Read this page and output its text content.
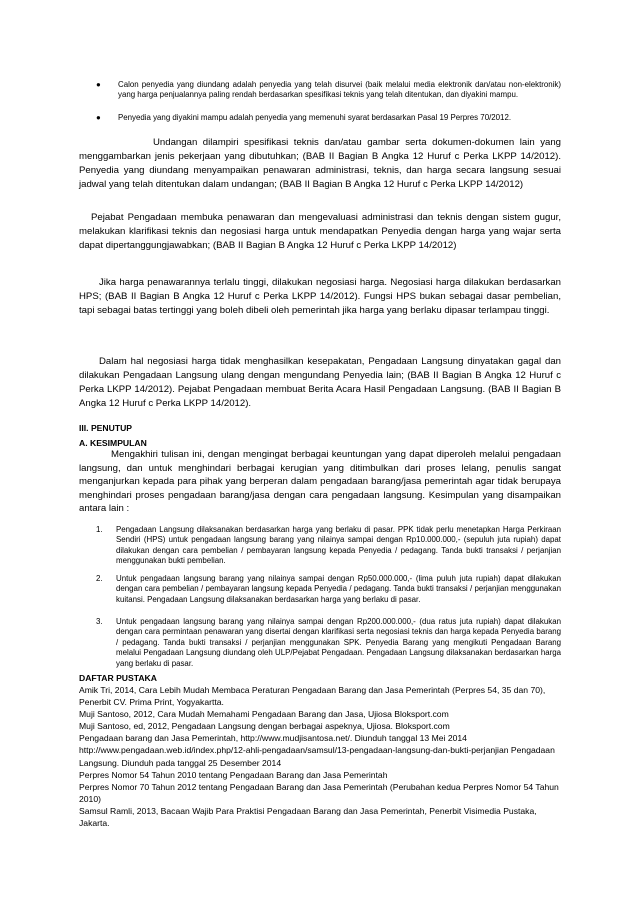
● Calon penyedia yang diundang adalah penyedia yang telah disurvei (baik melalui media elektronik dan/atau non-elektronik) yang harga penjualannya paling rendah berdasarkan spesifikasi teknis yang telah ditentukan, dan diyakini mampu.
● Penyedia yang diyakini mampu adalah penyedia yang memenuhi syarat berdasarkan Pasal 19 Perpres 70/2012.

Undangan dilampiri spesifikasi teknis dan/atau gambar serta dokumen-dokumen lain yang menggambarkan jenis pekerjaan yang dibutuhkan; (BAB II Bagian B Angka 12 Huruf c Perka LKPP 14/2012). Penyedia yang diundang menyampaikan penawaran administrasi, teknis, dan harga secara langsung sesuai jadwal yang telah ditentukan dalam undangan; (BAB II Bagian B Angka 12 Huruf c Perka LKPP 14/2012)

Pejabat Pengadaan membuka penawaran dan mengevaluasi administrasi dan teknis dengan sistem gugur, melakukan klarifikasi teknis dan negosiasi harga untuk mendapatkan Penyedia dengan harga yang wajar serta dapat dipertanggungjawabkan; (BAB II Bagian B Angka 12 Huruf c Perka LKPP 14/2012)

Jika harga penawarannya terlalu tinggi, dilakukan negosiasi harga. Negosiasi harga dilakukan berdasarkan HPS; (BAB II Bagian B Angka 12 Huruf c Perka LKPP 14/2012). Fungsi HPS bukan sebagai dasar pembelian, tapi sebagai batas tertinggi yang boleh dibeli oleh pemerintah jika harga yang berlaku dipasar terlampau tinggi.

Dalam hal negosiasi harga tidak menghasilkan kesepakatan, Pengadaan Langsung dinyatakan gagal dan dilakukan Pengadaan Langsung ulang dengan mengundang Penyedia lain; (BAB II Bagian B Angka 12 Huruf c Perka LKPP 14/2012). Pejabat Pengadaan membuat Berita Acara Hasil Pengadaan Langsung. (BAB II Bagian B Angka 12 Huruf c Perka LKPP 14/2012).

III. PENUTUP
A. KESIMPULAN

Mengakhiri tulisan ini, dengan mengingat berbagai keuntungan yang dapat diperoleh melalui pengadaan langsung, dan untuk menghindari berbagai kerugian yang ditimbulkan dari proses lelang, penulis sangat menganjurkan kepada para pihak yang berperan dalam pengadaan barang/jasa pemerintah agar tidak berupaya menghindari proses pengadaan barang/jasa dengan cara pengadaan langsung. Kesimpulan yang disampaikan antara lain :

1. Pengadaan Langsung dilaksanakan berdasarkan harga yang berlaku di pasar. PPK tidak perlu menetapkan Harga Perkiraan Sendiri (HPS) untuk pengadaan langsung barang yang nilainya sampai dengan Rp10.000.000,- (sepuluh juta rupiah) dapat dilakukan dengan cara pembelian / pembayaran langsung kepada Penyedia / pedagang. Tanda bukti transaksi / perjanjian menggunakan bukti pembelian.
2. Untuk pengadaan langsung barang yang nilainya sampai dengan Rp50.000.000,- (lima puluh juta rupiah) dapat dilakukan dengan cara pembelian / pembayaran langsung kepada Penyedia / pedagang. Tanda bukti transaksi / perjanjian menggunakan kuitansi. Pengadaan Langsung dilaksanakan berdasarkan harga yang berlaku di pasar.
3. Untuk pengadaan langsung barang yang nilainya sampai dengan Rp200.000.000,- (dua ratus juta rupiah) dapat dilakukan dengan cara permintaan penawaran yang disertai dengan klarifikasi serta negosiasi teknis dan harga kepada Penyedia barang / pedagang. Tanda bukti transaksi / perjanjian menggunakan SPK. Penyedia Barang yang mengikuti Pengadaan Barang melalui Pengadaan Langsung diundang oleh ULP/Pejabat Pengadaan. Pengadaan Langsung dilaksanakan berdasarkan harga yang berlaku di pasar.
DAFTAR PUSTAKA
Amik Tri, 2014, Cara Lebih Mudah Membaca Peraturan Pengadaan Barang dan Jasa Pemerintah (Perpres 54, 35 dan 70), Penerbit CV. Prima Print, Yogyakartta.
Muji Santoso, 2012, Cara Mudah Memahami Pengadaan Barang dan Jasa, Ujiosa Bloksport.com
Muji Santoso, ed, 2012, Pengadaan Langsung dengan berbagai aspeknya, Ujiosa. Bloksport.com
Pengadaan barang dan Jasa Pemerintah, http://www.mudjisantosa.net/. Diunduh tanggal 13 Mei 2014
http://www.pengadaan.web.id/index.php/12-ahli-pengadaan/samsul/13-pengadaan-langsung-dan-bukti-perjanjian Pengadaan Langsung. Diunduh pada tanggal 25 Desember 2014
Perpres Nomor 54 Tahun 2010 tentang Pengadaan Barang dan Jasa Pemerintah
Perpres Nomor 70 Tahun 2012 tentang Pengadaan Barang dan Jasa Pemerintah (Perubahan kedua Perpres Nomor 54 Tahun 2010)
Samsul Ramli, 2013, Bacaan Wajib Para Praktisi Pengadaan Barang dan Jasa Pemerintah, Penerbit Visimedia Pustaka, Jakarta.
